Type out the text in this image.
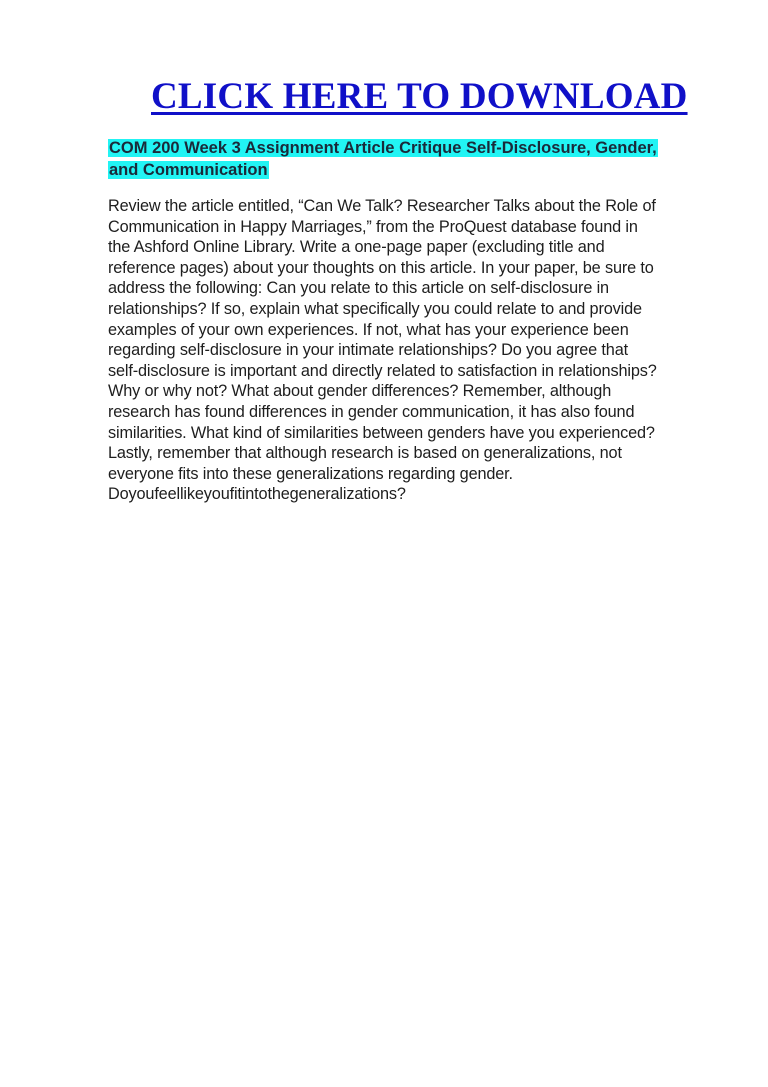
CLICK HERE TO DOWNLOAD
COM 200 Week 3 Assignment Article Critique Self-Disclosure, Gender,
and Communication
Review the article entitled, “Can We Talk? Researcher Talks about the Role of
Communication in Happy Marriages,” from the ProQuest database found in
the Ashford Online Library. Write a one-page paper (excluding title and
reference pages) about your thoughts on this article. In your paper, be sure to
address the following: Can you relate to this article on self-disclosure in
relationships? If so, explain what specifically you could relate to and provide
examples of your own experiences. If not, what has your experience been
regarding self-disclosure in your intimate relationships? Do you agree that
self-disclosure is important and directly related to satisfaction in relationships?
Why or why not? What about gender differences? Remember, although
research has found differences in gender communication, it has also found
similarities. What kind of similarities between genders have you experienced?
Lastly, remember that although research is based on generalizations, not
everyone fits into these generalizations regarding gender.
Doyoufeellikeyoufitintothegeneralizations?
